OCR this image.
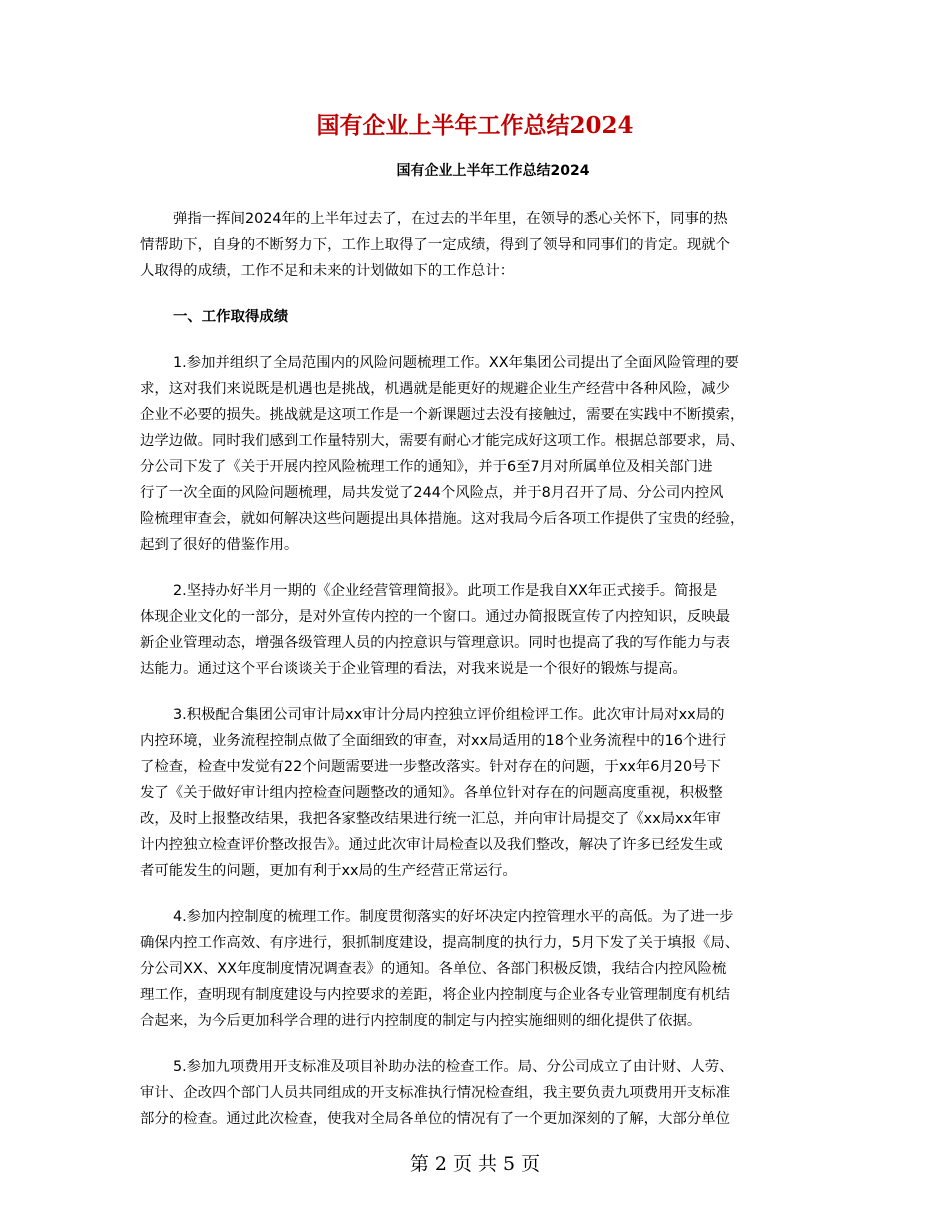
国有企业上半年工作总结2024
国有企业上半年工作总结2024
弹指一挥间2024年的上半年过去了，在过去的半年里，在领导的悉心关怀下，同事的热
情帮助下，自身的不断努力下，工作上取得了一定成绩，得到了领导和同事们的肯定。现就个
人取得的成绩，工作不足和未来的计划做如下的工作总计：
一、工作取得成绩
1.参加并组织了全局范围内的风险问题梳理工作。XX年集团公司提出了全面风险管理的要
求，这对我们来说既是机遇也是挑战，机遇就是能更好的规避企业生产经营中各种风险，减少
企业不必要的损失。挑战就是这项工作是一个新课题过去没有接触过，需要在实践中不断摸索，
边学边做。同时我们感到工作量特别大，需要有耐心才能完成好这项工作。根据总部要求，局、
分公司下发了《关于开展内控风险梳理工作的通知》，并于6至7月对所属单位及相关部门进
行了一次全面的风险问题梳理，局共发觉了244个风险点，并于8月召开了局、分公司内控风
险梳理审查会，就如何解决这些问题提出具体措施。这对我局今后各项工作提供了宝贵的经验，
起到了很好的借鉴作用。
2.坚持办好半月一期的《企业经营管理简报》。此项工作是我自XX年正式接手。简报是
体现企业文化的一部分，是对外宣传内控的一个窗口。通过办简报既宣传了内控知识，反映最
新企业管理动态，增强各级管理人员的内控意识与管理意识。同时也提高了我的写作能力与表
达能力。通过这个平台谈谈关于企业管理的看法，对我来说是一个很好的锻炼与提高。
3.积极配合集团公司审计局xx审计分局内控独立评价组检评工作。此次审计局对xx局的
内控环境，业务流程控制点做了全面细致的审查，对xx局适用的18个业务流程中的16个进行
了检查，检查中发觉有22个问题需要进一步整改落实。针对存在的问题，于xx年6月20号下
发了《关于做好审计组内控检查问题整改的通知》。各单位针对存在的问题高度重视，积极整
改，及时上报整改结果，我把各家整改结果进行统一汇总，并向审计局提交了《xx局xx年审
计内控独立检查评价整改报告》。通过此次审计局检查以及我们整改，解决了许多已经发生或
者可能发生的问题，更加有利于xx局的生产经营正常运行。
4.参加内控制度的梳理工作。制度贯彻落实的好坏决定内控管理水平的高低。为了进一步
确保内控工作高效、有序进行，狠抓制度建设，提高制度的执行力，5月下发了关于填报《局、
分公司XX、XX年度制度情况调查表》的通知。各单位、各部门积极反馈，我结合内控风险梳
理工作，查明现有制度建设与内控要求的差距，将企业内控制度与企业各专业管理制度有机结
合起来，为今后更加科学合理的进行内控制度的制定与内控实施细则的细化提供了依据。
5.参加九项费用开支标准及项目补助办法的检查工作。局、分公司成立了由计财、人劳、
审计、企改四个部门人员共同组成的开支标准执行情况检查组，我主要负责九项费用开支标准
部分的检查。通过此次检查，使我对全局各单位的情况有了一个更加深刻的了解，大部分单位
第 2 页 共 5 页
